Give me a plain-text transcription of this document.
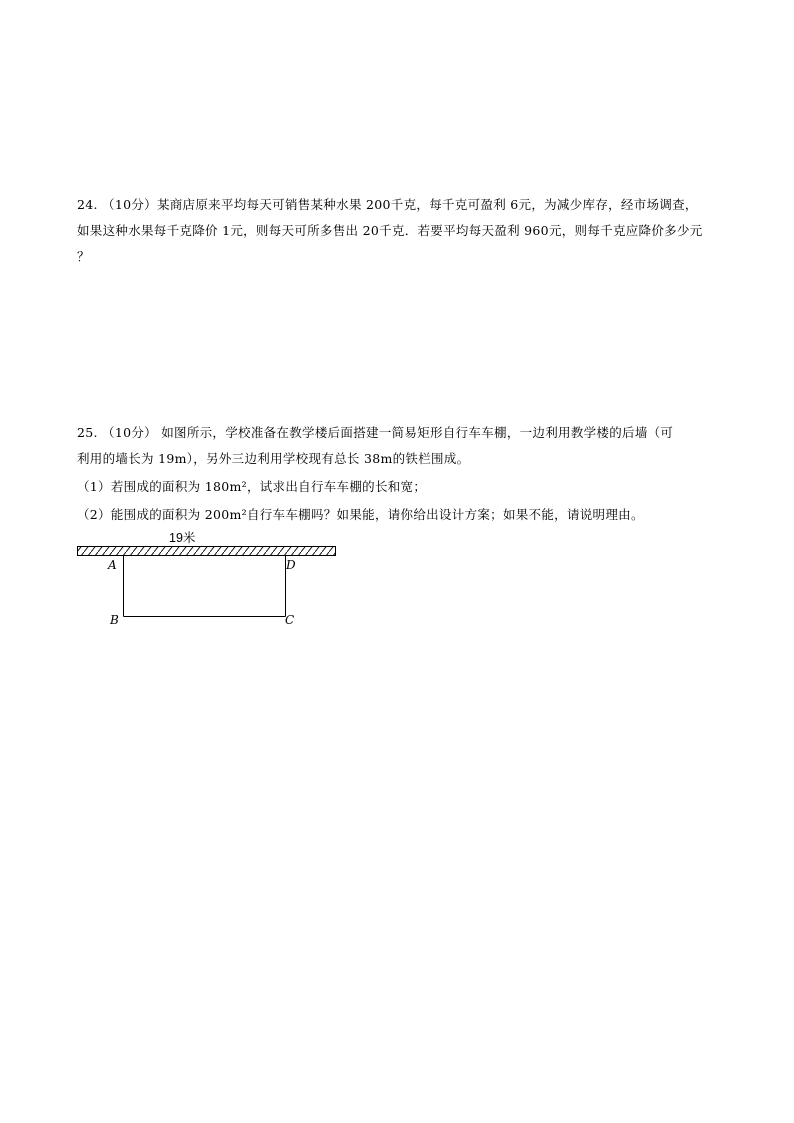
24. （10分）某商店原来平均每天可销售某种水果 200千克，每千克可盈利 6元，为减少库存，经市场调查，
如果这种水果每千克降价 1元，则每天可所多售出 20千克．若要平均每天盈利 960元，则每千克应降价多少元
？
25. （10分） 如图所示，学校准备在教学楼后面搭建一简易矩形自行车车棚，一边利用教学楼的后墙（可
利用的墙长为 19m），另外三边利用学校现有总长 38m的铁栏围成。
（1）若围成的面积为 180m²，试求出自行车车棚的长和宽；
（2）能围成的面积为 200m²自行车车棚吗？如果能，请你给出设计方案；如果不能，请说明理由。
19米
A	D
B	C
